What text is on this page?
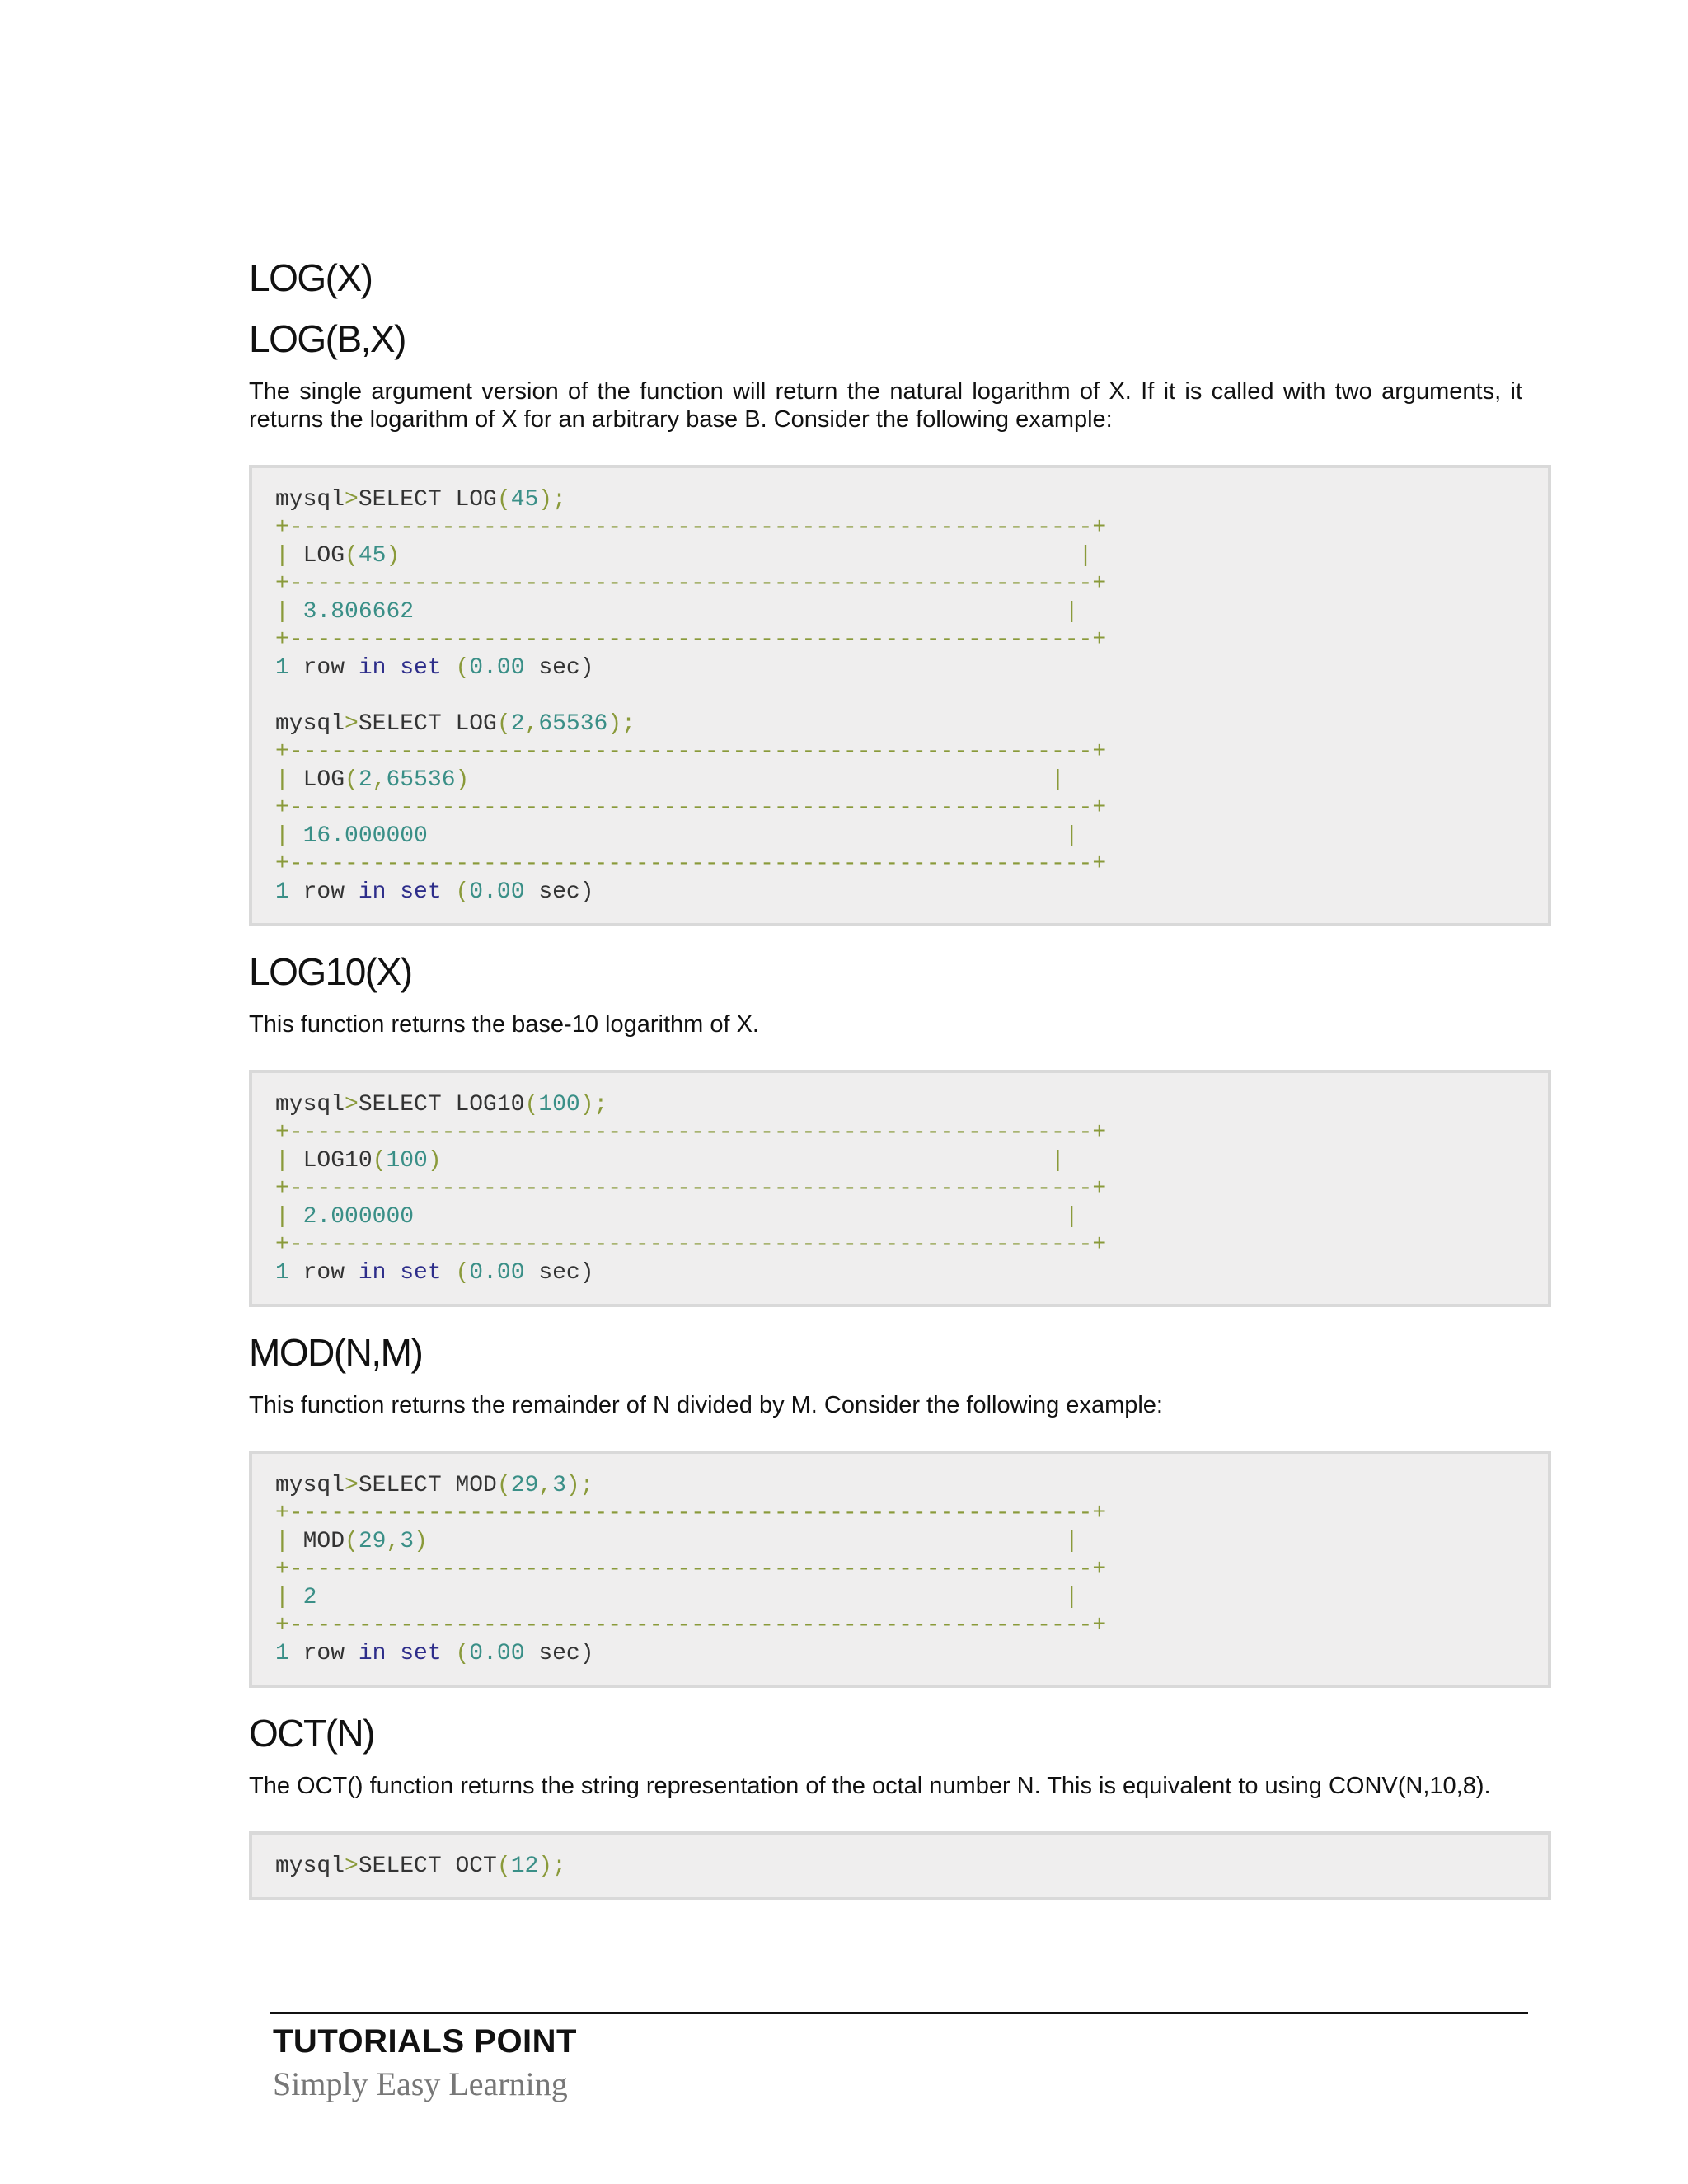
LOG(X)
LOG(B,X)

The single argument version of the function will return the natural logarithm of X. If it is called with two arguments, it returns the logarithm of X for an arbitrary base B. Consider the following example:

mysql>SELECT LOG(45);
+----------------------------------------------------------+
| LOG(45)	|
+----------------------------------------------------------+
| 3.806662	|
+----------------------------------------------------------+
1 row in set (0.00 sec)
mysql>SELECT LOG(2,65536);
+----------------------------------------------------------+
| LOG(2,65536)	|
+----------------------------------------------------------+
| 16.000000	|
+----------------------------------------------------------+
1 row in set (0.00 sec)
LOG10(X)

This function returns the base-10 logarithm of X.

mysql>SELECT LOG10(100);
+----------------------------------------------------------+
| LOG10(100)	|
+----------------------------------------------------------+
| 2.000000	|
+----------------------------------------------------------+
1 row in set (0.00 sec)
MOD(N,M)

This function returns the remainder of N divided by M. Consider the following example:

mysql>SELECT MOD(29,3);
+----------------------------------------------------------+
| MOD(29,3)	|
+----------------------------------------------------------+
| 2	|
+----------------------------------------------------------+
1 row in set (0.00 sec)
OCT(N)

The OCT() function returns the string representation of the octal number N. This is equivalent to using CONV(N,10,8).

mysql>SELECT OCT(12);
TUTORIALS POINT
Simply Easy Learning
